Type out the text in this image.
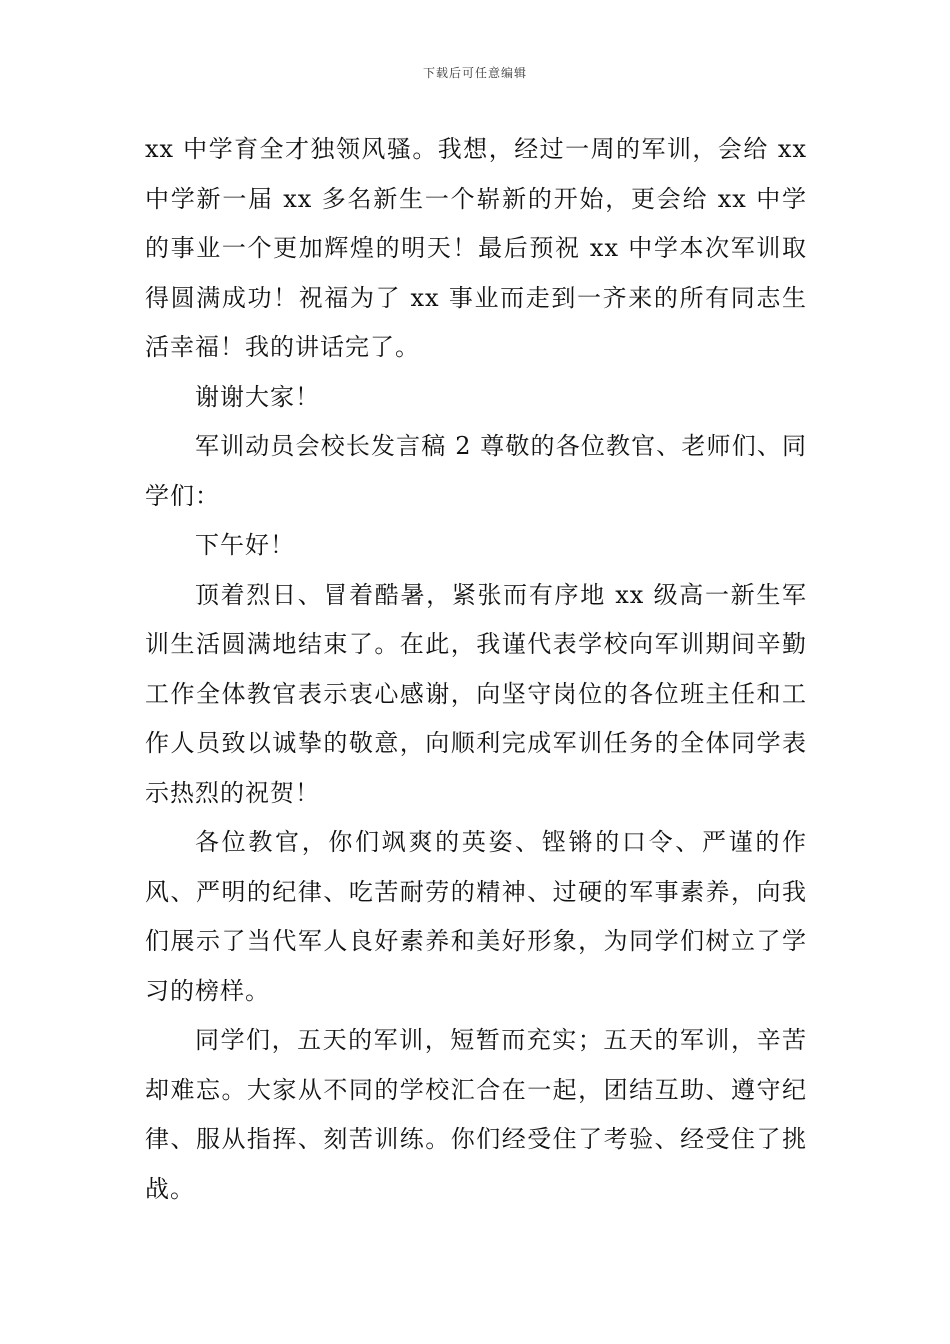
下载后可任意编辑

xx 中学育全才独领风骚。我想，经过一周的军训，会给 xx 中学新一届 xx 多名新生一个崭新的开始，更会给 xx 中学的事业一个更加辉煌的明天！最后预祝 xx 中学本次军训取得圆满成功！祝福为了 xx 事业而走到一齐来的所有同志生活幸福！我的讲话完了。

谢谢大家！

军训动员会校长发言稿 2 尊敬的各位教官、老师们、同学们：

下午好！

顶着烈日、冒着酷暑，紧张而有序地 xx 级高一新生军训生活圆满地结束了。在此，我谨代表学校向军训期间辛勤工作全体教官表示衷心感谢，向坚守岗位的各位班主任和工作人员致以诚挚的敬意，向顺利完成军训任务的全体同学表示热烈的祝贺！

各位教官，你们飒爽的英姿、铿锵的口令、严谨的作风、严明的纪律、吃苦耐劳的精神、过硬的军事素养，向我们展示了当代军人良好素养和美好形象，为同学们树立了学习的榜样。

同学们，五天的军训，短暂而充实；五天的军训，辛苦却难忘。大家从不同的学校汇合在一起，团结互助、遵守纪律、服从指挥、刻苦训练。你们经受住了考验、经受住了挑战。
